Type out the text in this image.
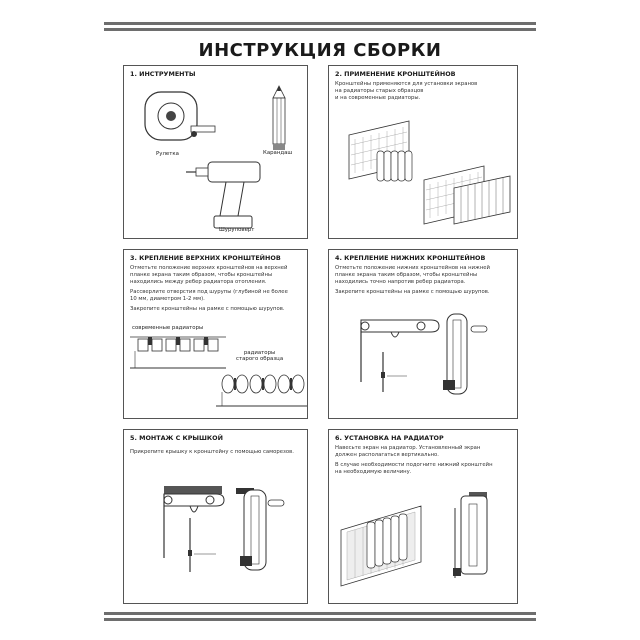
ИНСТРУКЦИЯ СБОРКИ
1. ИНСТРУМЕНТЫ
Рулетка	Карандаш
Шуруповерт
2. ПРИМЕНЕНИЕ КРОНШТЕЙНОВ
Кронштейны применяются для установки экранов
на радиаторы старых образцов
и на современные радиаторы.
3. КРЕПЛЕНИЕ ВЕРХНИХ КРОНШТЕЙНОВ
Отметьте положение верхних кронштейнов на верхней
планке экрана таким образом, чтобы кронштейны
находились между ребер радиатора отопления.
Рассверлите отверстия под шурупы (глубиной не более
10 мм, диаметром 1-2 мм).
Закрепите кронштейны на рамке с помощью шурупов.
современные радиаторы
радиаторы
старого образца
4. КРЕПЛЕНИЕ НИЖНИХ КРОНШТЕЙНОВ
Отметьте положение нижних кронштейнов на нижней
планке экрана таким образом, чтобы кронштейны
находились точно напротив ребер радиатора.
Закрепите кронштейны на рамке с помощью шурупов.
5. МОНТАЖ С КРЫШКОЙ
Прикрепите крышку к кронштейну с помощью саморезов.
6. УСТАНОВКА НА РАДИАТОР
Навесьте экран на радиатор. Установленный экран
должен располагаться вертикально.
В случае необходимости подогните нижний кронштейн
на необходимую величину.
